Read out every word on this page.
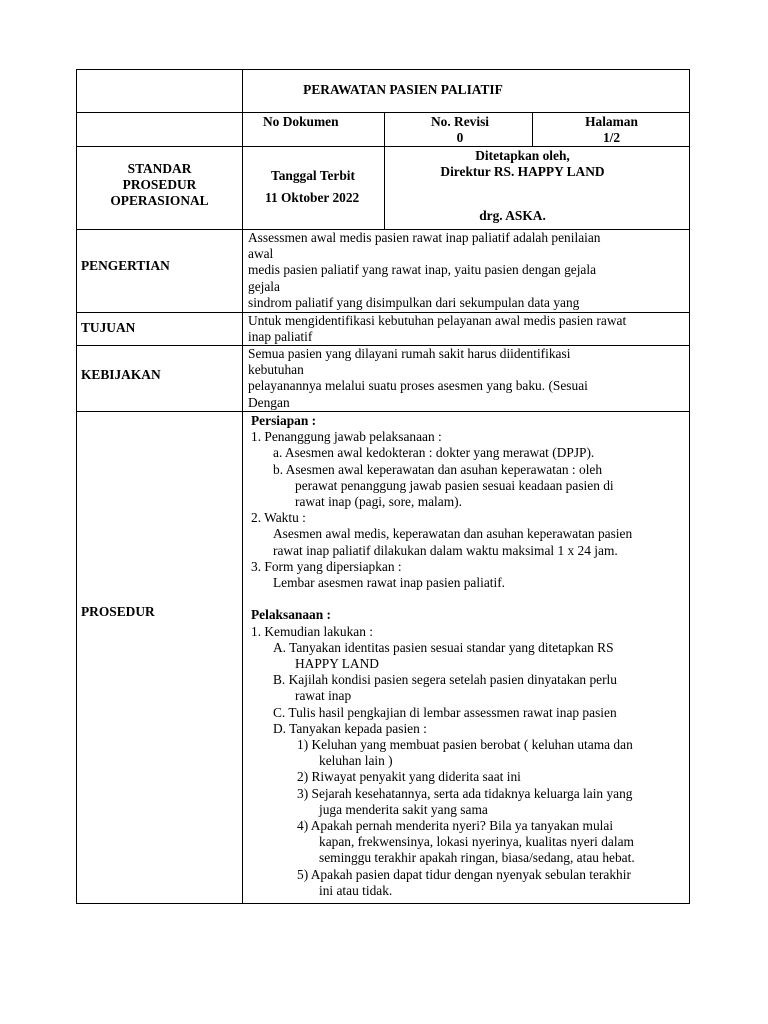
PERAWATAN PASIEN PALIATIF
No Dokumen	No. Revisi
0
Halaman
1/2
STANDAR
PROSEDUR
OPERASIONAL
Tanggal Terbit
11 Oktober 2022
Ditetapkan oleh,
Direktur RS. HAPPY LAND
drg. ASKA.
PENGERTIAN
Assessmen awal medis pasien rawat inap paliatif adalah penilaian
awal
medis pasien paliatif yang rawat inap, yaitu pasien dengan gejala
gejala
sindrom paliatif yang disimpulkan dari sekumpulan data yang
TUJUAN	Untuk mengidentifikasi kebutuhan pelayanan awal medis pasien rawat
inap paliatif
KEBIJAKAN
Semua pasien yang dilayani rumah sakit harus diidentifikasi
kebutuhan
pelayanannya melalui suatu proses asesmen yang baku. (Sesuai
Dengan
PROSEDUR
Persiapan :
1. Penanggung jawab pelaksanaan :
a. Asesmen awal kedokteran : dokter yang merawat (DPJP).
b. Asesmen awal keperawatan dan asuhan keperawatan : oleh
perawat penanggung jawab pasien sesuai keadaan pasien di
rawat inap (pagi, sore, malam).
2. Waktu :
Asesmen awal medis, keperawatan dan asuhan keperawatan pasien
rawat inap paliatif dilakukan dalam waktu maksimal 1 x 24 jam.
3. Form yang dipersiapkan :
Lembar asesmen rawat inap pasien paliatif.

Pelaksanaan :
1. Kemudian lakukan :
A. Tanyakan identitas pasien sesuai standar yang ditetapkan RS
HAPPY LAND
B. Kajilah kondisi pasien segera setelah pasien dinyatakan perlu
rawat inap
C. Tulis hasil pengkajian di lembar assessmen rawat inap pasien
D. Tanyakan kepada pasien :
1) Keluhan yang membuat pasien berobat ( keluhan utama dan
keluhan lain )
2) Riwayat penyakit yang diderita saat ini
3) Sejarah kesehatannya, serta ada tidaknya keluarga lain yang
juga menderita sakit yang sama
4) Apakah pernah menderita nyeri? Bila ya tanyakan mulai
kapan, frekwensinya, lokasi nyerinya, kualitas nyeri dalam
seminggu terakhir apakah ringan, biasa/sedang, atau hebat.
5) Apakah pasien dapat tidur dengan nyenyak sebulan terakhir
ini atau tidak.
